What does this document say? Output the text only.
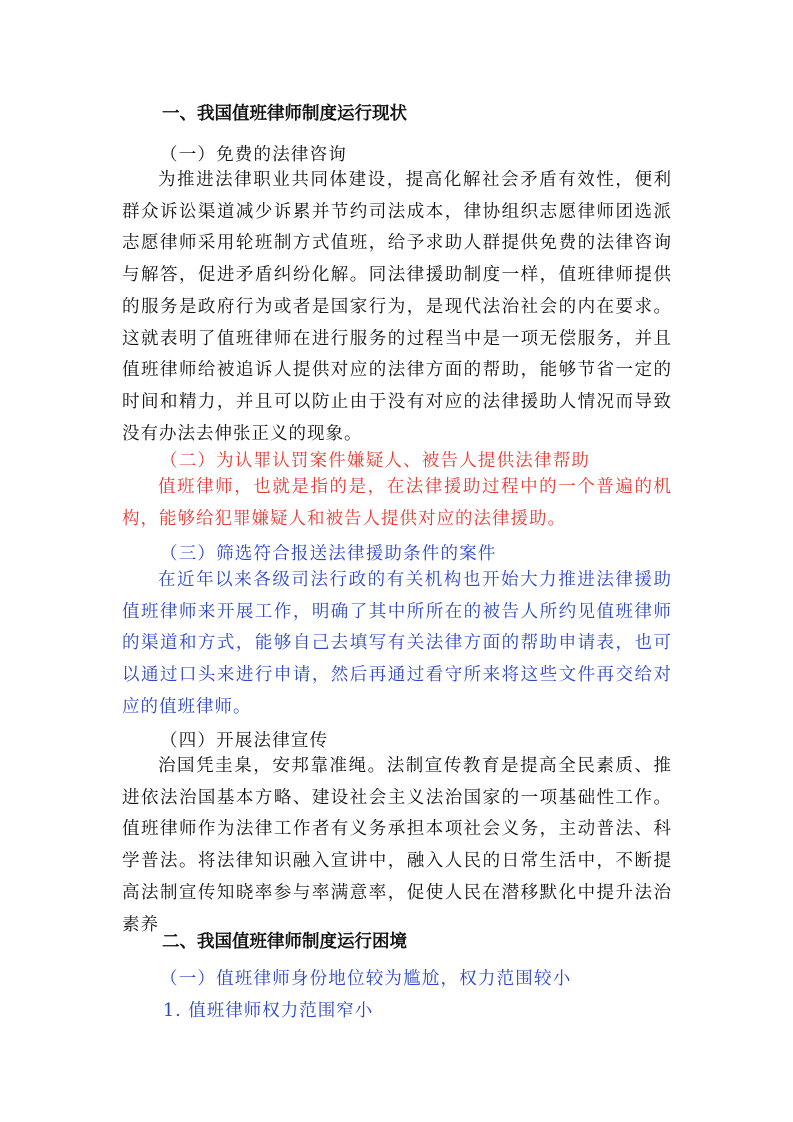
一、我国值班律师制度运行现状
（一）免费的法律咨询

为推进法律职业共同体建设，提高化解社会矛盾有效性，便利群众诉讼渠道减少诉累并节约司法成本，律协组织志愿律师团选派志愿律师采用轮班制方式值班，给予求助人群提供免费的法律咨询与解答，促进矛盾纠纷化解。同法律援助制度一样，值班律师提供的服务是政府行为或者是国家行为，是现代法治社会的内在要求。这就表明了值班律师在进行服务的过程当中是一项无偿服务，并且值班律师给被追诉人提供对应的法律方面的帮助，能够节省一定的时间和精力，并且可以防止由于没有对应的法律援助人情况而导致没有办法去伸张正义的现象。

（二）为认罪认罚案件嫌疑人、被告人提供法律帮助

值班律师，也就是指的是，在法律援助过程中的一个普遍的机构，能够给犯罪嫌疑人和被告人提供对应的法律援助。

（三）筛选符合报送法律援助条件的案件

在近年以来各级司法行政的有关机构也开始大力推进法律援助值班律师来开展工作，明确了其中所所在的被告人所约见值班律师的渠道和方式，能够自己去填写有关法律方面的帮助申请表，也可以通过口头来进行申请，然后再通过看守所来将这些文件再交给对应的值班律师。

（四）开展法律宣传

治国凭圭臬，安邦靠准绳。法制宣传教育是提高全民素质、推进依法治国基本方略、建设社会主义法治国家的一项基础性工作。值班律师作为法律工作者有义务承担本项社会义务，主动普法、科学普法。将法律知识融入宣讲中，融入人民的日常生活中，不断提高法制宣传知晓率参与率满意率，促使人民在潜移默化中提升法治素养

二、我国值班律师制度运行困境
（一）值班律师身份地位较为尴尬，权力范围较小
1. 值班律师权力范围窄小
